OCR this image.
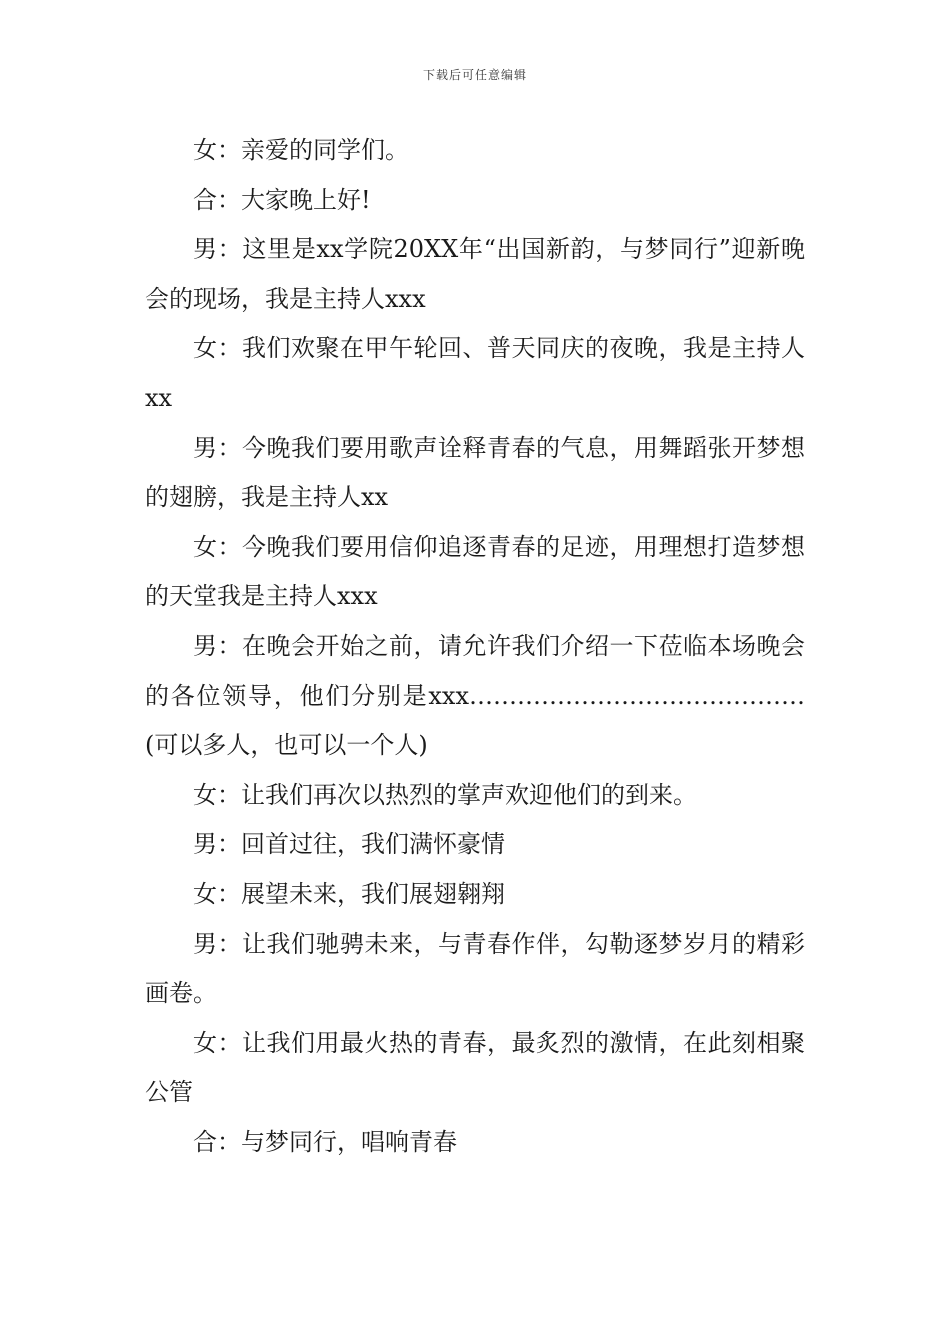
下载后可任意编辑

女：亲爱的同学们。

合：大家晚上好!

男：这里是xx学院20XX年“出国新韵，与梦同行”迎新晚会的现场，我是主持人xxx

女：我们欢聚在甲午轮回、普天同庆的夜晚，我是主持人xx

男：今晚我们要用歌声诠释青春的气息，用舞蹈张开梦想的翅膀，我是主持人xx

女：今晚我们要用信仰追逐青春的足迹，用理想打造梦想的天堂我是主持人xxx

男：在晚会开始之前，请允许我们介绍一下莅临本场晚会的各位领导，他们分别是xxx……………………………………(可以多人，也可以一个人)

女：让我们再次以热烈的掌声欢迎他们的到来。

男：回首过往，我们满怀豪情

女：展望未来，我们展翅翱翔

男：让我们驰骋未来，与青春作伴，勾勒逐梦岁月的精彩画卷。

女：让我们用最火热的青春，最炙烈的激情，在此刻相聚公管

合：与梦同行，唱响青春
